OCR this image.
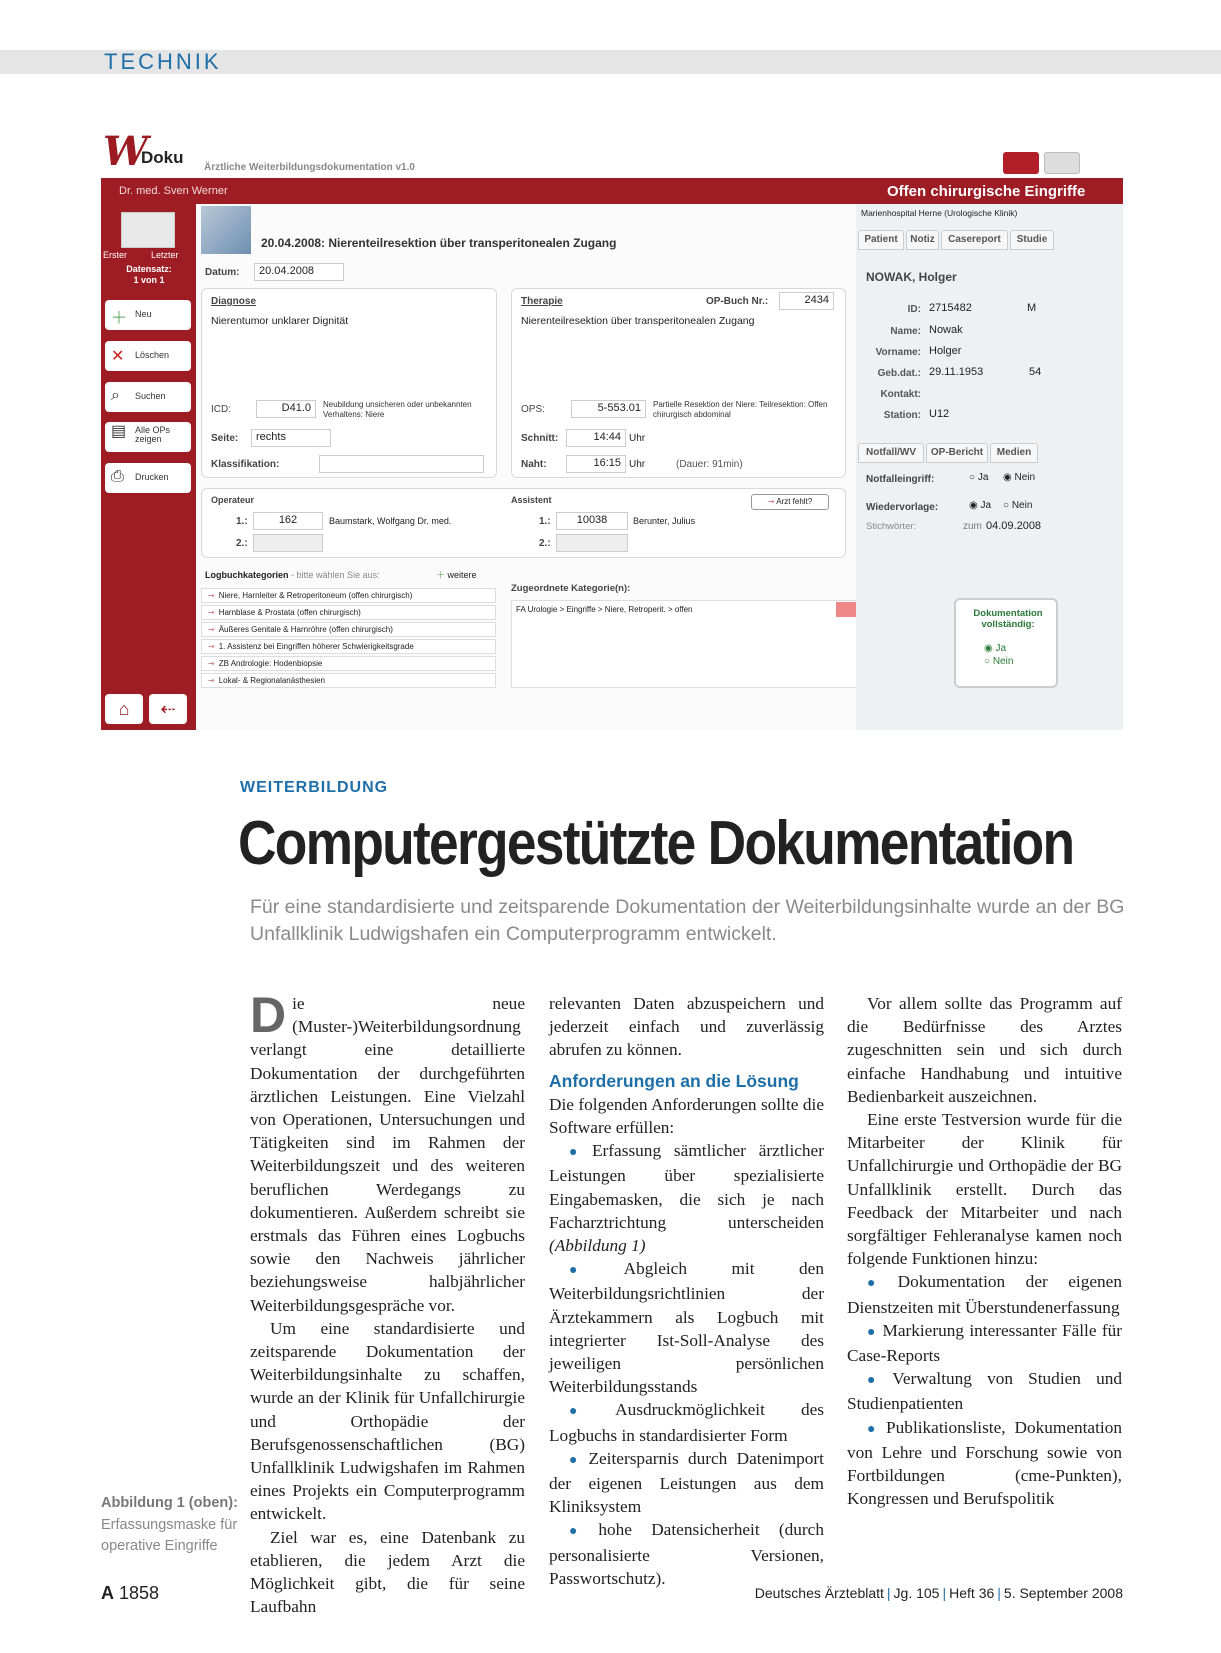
TECHNIK
W
Doku
Ärztliche Weiterbildungsdokumentation v1.0
Dr. med. Sven Werner	Offen chirurgische Eingriffe
Erster	Letzter
Datensatz:
1 von 1
＋ Neu
✕ Löschen
⌕ Suchen
▤ Alle OPs zeigen
⎙ Drucken
⌂	⇠
20.04.2008: Nierenteilresektion über transperitonealen Zugang
Datum:	20.04.2008
Diagnose
Nierentumor unklarer Dignität
ICD:	D41.0	Neubildung unsicheren oder unbekannten Verhaltens: Niere
Seite:	rechts
Klassifikation:
Therapie	OP-Buch Nr.:	2434
Nierenteilresektion über transperitonealen Zugang
OPS:	5-553.01	Partielle Resektion der Niere: Teilresektion: Offen chirurgisch abdominal
Schnitt:	14:44 Uhr
Naht:	16:15 Uhr	(Dauer: 91min)
Operateur
1.:	162	Baumstark, Wolfgang Dr. med.
2.:
Assistent
1.:	10038	Berunter, Julius
2.:
⇾ Arzt fehlt?
Logbuchkategorien - bitte wählen Sie aus:	＋ weitere
⇾ Niere, Harnleiter & Retroperitoneum (offen chirurgisch)
⇾ Harnblase & Prostata (offen chirurgisch)
⇾ Äußeres Genitale & Harnröhre (offen chirurgisch)
⇾ 1. Assistenz bei Eingriffen höherer Schwierigkeitsgrade
⇾ ZB Andrologie: Hodenbiopsie
⇾ Lokal- & Regionalanästhesien
Zugeordnete Kategorie(n):
FA Urologie > Eingriffe > Niere, Retroperit. > offen
Marienhospital Herne (Urologische Klinik)
Patient	Notiz	Casereport	Studie
NOWAK, Holger
ID: 2715482	M
Name: Nowak
Vorname: Holger
Geb.dat.: 29.11.1953	54
Kontakt:
Station: U12
Notfall/WV	OP-Bericht	Medien
Notfalleingriff:	○ Ja ◉ Nein
Wiedervorlage:	◉ Ja ○ Nein
Stichwörter:	zum 04.09.2008
Dokumentation vollständig:
◉ Ja
○ Nein
WEITERBILDUNG
Computergestützte Dokumentation
Für eine standardisierte und zeitsparende Dokumentation der Weiterbildungsinhalte wurde an der BG Unfallklinik Ludwigshafen ein Computerprogramm entwickelt.

Die neue (Muster-)Weiterbildungsordnung verlangt eine detaillierte Dokumentation der durchgeführten ärztlichen Leistungen. Eine Vielzahl von Operationen, Untersuchungen und Tätigkeiten sind im Rahmen der Weiterbildungszeit und des weiteren beruflichen Werdegangs zu dokumentieren. Außerdem schreibt sie erstmals das Führen eines Logbuchs sowie den Nachweis jährlicher beziehungsweise halbjährlicher Weiterbildungsgespräche vor.

Um eine standardisierte und zeitsparende Dokumentation der Weiterbildungsinhalte zu schaffen, wurde an der Klinik für Unfallchirurgie und Orthopädie der Berufsgenossenschaftlichen (BG) Unfallklinik Ludwigshafen im Rahmen eines Projekts ein Computerprogramm entwickelt.

Ziel war es, eine Datenbank zu etablieren, die jedem Arzt die Möglichkeit gibt, die für seine Laufbahn

relevanten Daten abzuspeichern und jederzeit einfach und zuverlässig abrufen zu können.

Anforderungen an die Lösung

Die folgenden Anforderungen sollte die Software erfüllen:

● Erfassung sämtlicher ärztlicher Leistungen über spezialisierte Eingabemasken, die sich je nach Facharztrichtung unterscheiden (Abbildung 1)

● Abgleich mit den Weiterbildungsrichtlinien der Ärztekammern als Logbuch mit integrierter Ist-Soll-Analyse des jeweiligen persönlichen Weiterbildungsstands

● Ausdruckmöglichkeit des Logbuchs in standardisierter Form

● Zeitersparnis durch Datenimport der eigenen Leistungen aus dem Kliniksystem

● hohe Datensicherheit (durch personalisierte Versionen, Passwortschutz).

Vor allem sollte das Programm auf die Bedürfnisse des Arztes zugeschnitten sein und sich durch einfache Handhabung und intuitive Bedienbarkeit auszeichnen.

Eine erste Testversion wurde für die Mitarbeiter der Klinik für Unfallchirurgie und Orthopädie der BG Unfallklinik erstellt. Durch das Feedback der Mitarbeiter und nach sorgfältiger Fehleranalyse kamen noch folgende Funktionen hinzu:

● Dokumentation der eigenen Dienstzeiten mit Überstundenerfassung

● Markierung interessanter Fälle für Case-Reports

● Verwaltung von Studien und Studienpatienten

● Publikationsliste, Dokumentation von Lehre und Forschung sowie von Fortbildungen (cme-Punkten), Kongressen und Berufspolitik

Abbildung 1 (oben):
Erfassungsmaske für operative Eingriffe
A 1858	Deutsches Ärzteblatt | Jg. 105 | Heft 36 | 5. September 2008
